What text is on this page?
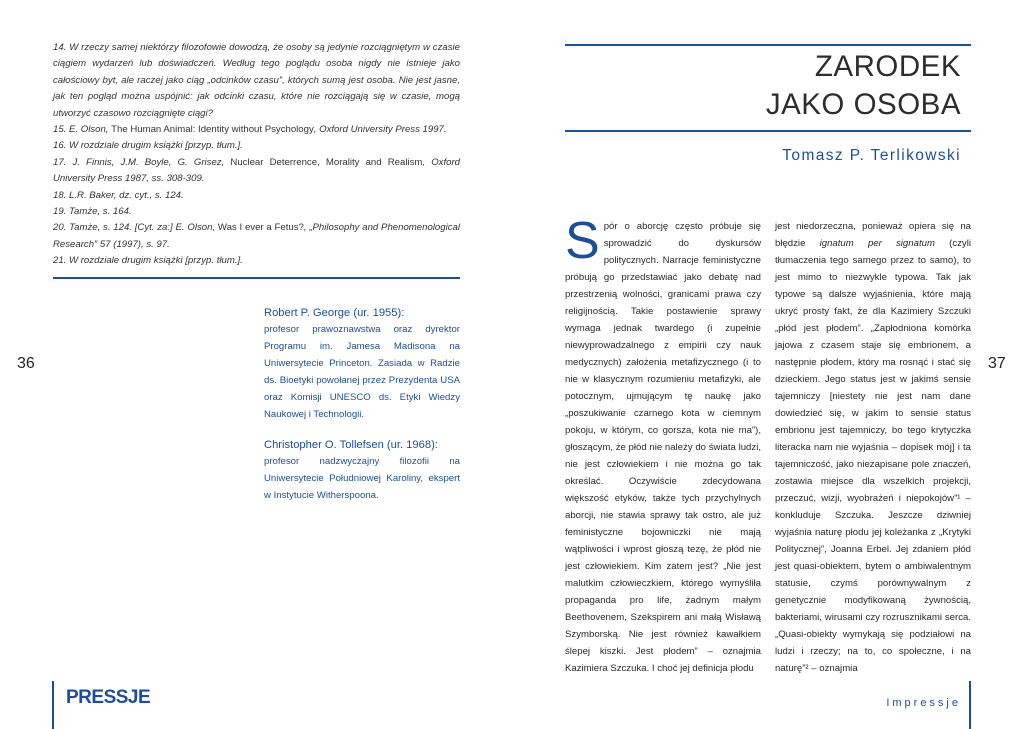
14. W rzeczy samej niektórzy filozofowie dowodzą, że osoby są jedynie rozciągniętym w czasie ciągiem wydarzeń lub doświadczeń. Według tego poglądu osoba nigdy nie istnieje jako całościowy byt, ale raczej jako ciąg „odcinków czasu”, których sumą jest osoba. Nie jest jasne, jak ten pogląd można uspójnić: jak odcinki czasu, które nie rozciągają się w czasie, mogą utworzyć czasowo rozciągnięte ciągi?

15. E. Olson, The Human Animal: Identity without Psychology, Oxford University Press 1997.

16. W rozdziale drugim książki [przyp. tłum.].

17. J. Finnis, J.M. Boyle, G. Grisez, Nuclear Deterrence, Morality and Realism, Oxford University Press 1987, ss. 308-309.

18. L.R. Baker, dz. cyt., s. 124.

19. Tamże, s. 164.

20. Tamże, s. 124. [Cyt. za:] E. Olson, Was I ever a Fetus?, „Philosophy and Phenomenological Research” 57 (1997), s. 97.

21. W rozdziale drugim książki [przyp. tłum.].

Robert P. George (ur. 1955):

profesor prawoznawstwa oraz dyrektor Programu im. Jamesa Madisona na Uniwersytecie Princeton. Zasiada w Radzie ds. Bioetyki powołanej przez Prezydenta USA oraz Komisji UNESCO ds. Etyki Wiedzy Naukowej i Technologii.

Christopher O. Tollefsen (ur. 1968):

profesor nadzwyczajny filozofii na Uniwersytecie Południowej Karoliny, ekspert w Instytucie Witherspoona.

36
PRESSJE
ZARODEK
JAKO OSOBA
Tomasz P. Terlikowski
S pór o aborcję często próbuje się sprowadzić do dyskursów politycznych. Narracje feministyczne próbują go przedstawiać jako debatę nad przestrzenią wolności, granicami prawa czy religijnością. Takie postawienie sprawy wymaga jednak twardego (i zupełnie niewyprowadzalnego z empirii czy nauk medycznych) założenia metafizycznego (i to nie w klasycznym rozumieniu metafizyki, ale potocznym, ujmującym tę naukę jako „poszukiwanie czarnego kota w ciemnym pokoju, w którym, co gorsza, kota nie ma”), głoszącym, że płód nie należy do świata ludzi, nie jest człowiekiem i nie można go tak określać. Oczywiście zdecydowana większość etyków, także tych przychylnych aborcji, nie stawia sprawy tak ostro, ale już feministyczne bojowniczki nie mają wątpliwości i wprost głoszą tezę, że płód nie jest człowiekiem. Kim zatem jest? „Nie jest malutkim człowieczkiem, którego wymyśliła propaganda pro life, żadnym małym Beethovenem, Szekspirem ani małą Wisławą Szymborską. Nie jest również kawałkiem ślepej kiszki. Jest płodem” – oznajmia Kazimiera Szczuka. I choć jej definicja płodu

jest niedorzeczna, ponieważ opiera się na błędzie ignatum per signatum (czyli tłumaczenia tego samego przez to samo), to jest mimo to niezwykle typowa. Tak jak typowe są dalsze wyjaśnienia, które mają ukryć prosty fakt, że dla Kazimiery Szczuki „płód jest płodem”. „Zapłodniona komórka jajowa z czasem staje się embrionem, a następnie płodem, który ma rosnąć i stać się dzieckiem. Jego status jest w jakimś sensie tajemniczy [niestety nie jest nam dane dowiedzieć się, w jakim to sensie status embrionu jest tajemniczy, bo tego krytyczka literacka nam nie wyjaśnia – dopisek mój] i ta tajemniczość, jako niezapisane pole znaczeń, zostawia miejsce dla wszelkich projekcji, przeczuć, wizji, wyobrażeń i niepokojów”¹ – konkluduje Szczuka. Jeszcze dziwniej wyjaśnia naturę płodu jej koleżanka z „Krytyki Politycznej”, Joanna Erbel. Jej zdaniem płód jest quasi-obiektem, bytem o ambiwalentnym statusie, czymś porównywalnym z genetycznie modyfikowaną żywnością, bakteriami, wirusami czy rozrusznikami serca. „Quasi-obiekty wymykają się podziałowi na ludzi i rzeczy; na to, co społeczne, i na naturę”² – oznajmia

37
Impressje
